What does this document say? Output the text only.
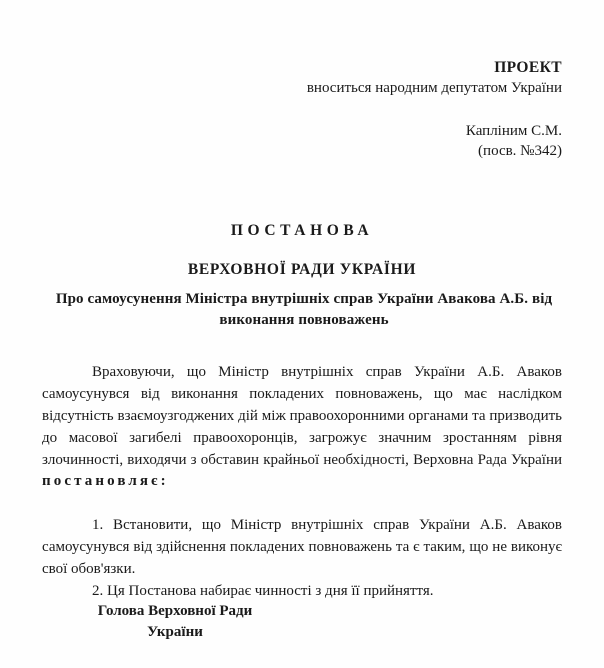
ПРОЕКТ
вноситься народним депутатом України
Капліним С.М.
(посв. №342)
ПОСТАНОВА
ВЕРХОВНОЇ РАДИ УКРАЇНИ
Про самоусунення Міністра внутрішніх справ України Авакова А.Б. від виконання повноважень

Враховуючи, що Міністр внутрішніх справ України А.Б. Аваков самоусунувся від виконання покладених повноважень, що має наслідком відсутність взаємоузгоджених дій між правоохоронними органами та призводить до масової загибелі правоохоронців, загрожує значним зростанням рівня злочинності, виходячи з обставин крайньої необхідності, Верховна Рада України постановляє:

1. Встановити, що Міністр внутрішніх справ України А.Б. Аваков самоусунувся від здійснення покладених повноважень та є таким, що не виконує свої обов'язки.

2. Ця Постанова набирає чинності з дня її прийняття.

Голова Верховної Ради
України
